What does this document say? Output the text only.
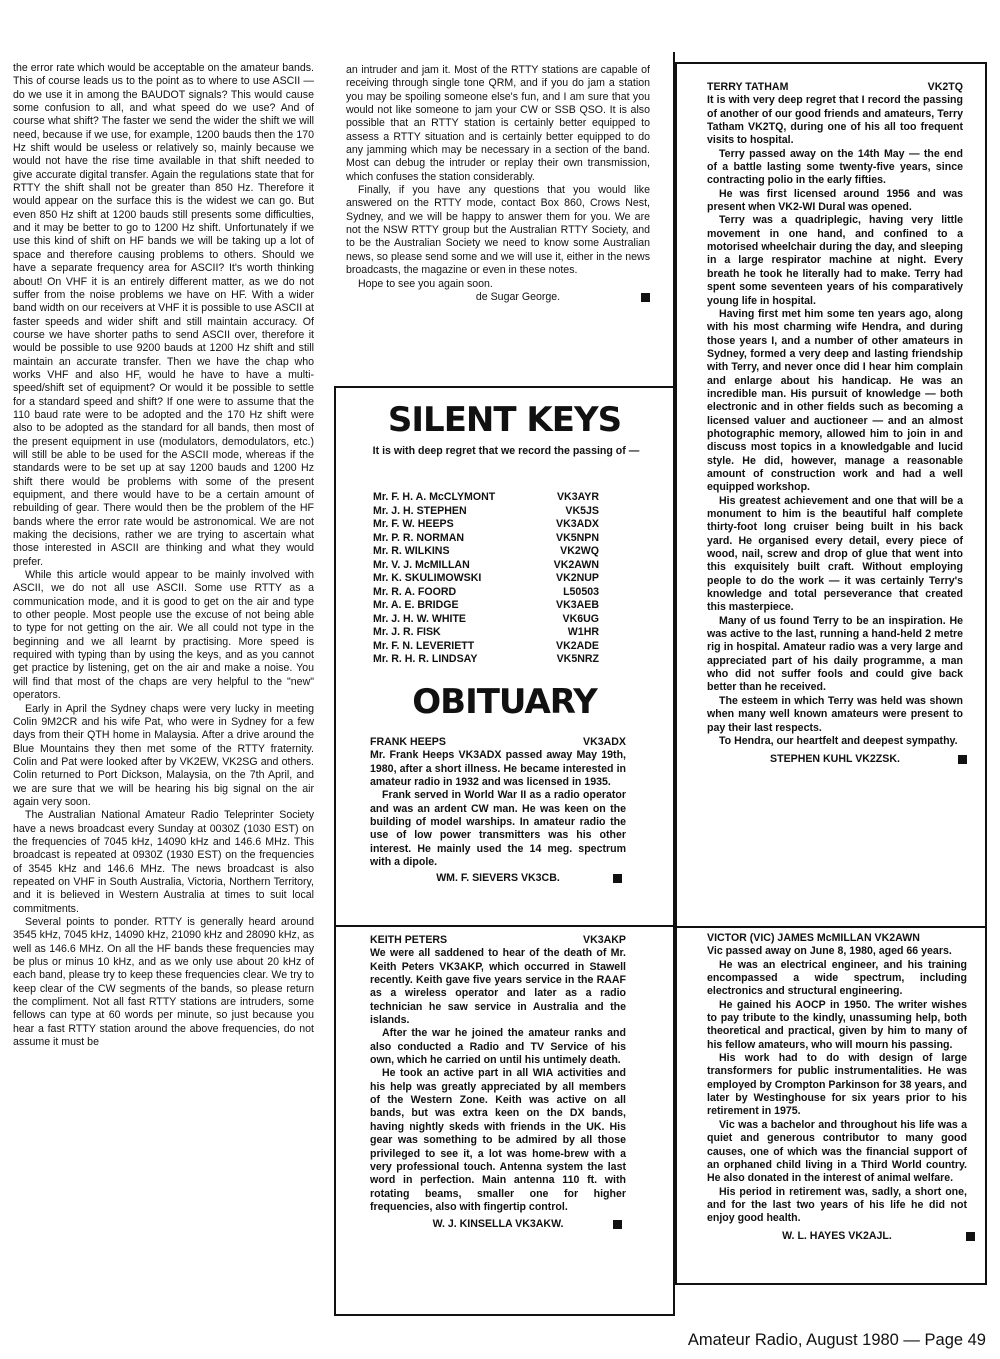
the error rate which would be acceptable on the amateur bands. This of course leads us to the point as to where to use ASCII — do we use it in among the BAUDOT signals? This would cause some confusion to all, and what speed do we use? And of course what shift? The faster we send the wider the shift we will need, because if we use, for example, 1200 bauds then the 170 Hz shift would be useless or relatively so, mainly because we would not have the rise time available in that shift needed to give accurate digital transfer. Again the regulations state that for RTTY the shift shall not be greater than 850 Hz. Therefore it would appear on the surface this is the widest we can go. But even 850 Hz shift at 1200 bauds still presents some difficulties, and it may be better to go to 1200 Hz shift. Unfortunately if we use this kind of shift on HF bands we will be taking up a lot of space and therefore causing problems to others. Should we have a separate frequency area for ASCII? It's worth thinking about! On VHF it is an entirely different matter, as we do not suffer from the noise problems we have on HF. With a wider band width on our receivers at VHF it is possible to use ASCII at faster speeds and wider shift and still maintain accuracy. Of course we have shorter paths to send ASCII over, therefore it would be possible to use 9200 bauds at 1200 Hz shift and still maintain an accurate transfer. Then we have the chap who works VHF and also HF, would he have to have a multi-speed/shift set of equipment? Or would it be possible to settle for a standard speed and shift? If one were to assume that the 110 baud rate were to be adopted and the 170 Hz shift were also to be adopted as the standard for all bands, then most of the present equipment in use (modulators, demodulators, etc.) will still be able to be used for the ASCII mode, whereas if the standards were to be set up at say 1200 bauds and 1200 Hz shift there would be problems with some of the present equipment, and there would have to be a certain amount of rebuilding of gear. There would then be the problem of the HF bands where the error rate would be astronomical. We are not making the decisions, rather we are trying to ascertain what those interested in ASCII are thinking and what they would prefer.

While this article would appear to be mainly involved with ASCII, we do not all use ASCII. Some use RTTY as a communication mode, and it is good to get on the air and type to other people. Most people use the excuse of not being able to type for not getting on the air. We all could not type in the beginning and we all learnt by practising. More speed is required with typing than by using the keys, and as you cannot get practice by listening, get on the air and make a noise. You will find that most of the chaps are very helpful to the "new" operators.

Early in April the Sydney chaps were very lucky in meeting Colin 9M2CR and his wife Pat, who were in Sydney for a few days from their QTH home in Malaysia. After a drive around the Blue Mountains they then met some of the RTTY fraternity. Colin and Pat were looked after by VK2EW, VK2SG and others. Colin returned to Port Dickson, Malaysia, on the 7th April, and we are sure that we will be hearing his big signal on the air again very soon.

The Australian National Amateur Radio Teleprinter Society have a news broadcast every Sunday at 0030Z (1030 EST) on the frequencies of 7045 kHz, 14090 kHz and 146.6 MHz. This broadcast is repeated at 0930Z (1930 EST) on the frequencies of 3545 kHz and 146.6 MHz. The news broadcast is also repeated on VHF in South Australia, Victoria, Northern Territory, and it is believed in Western Australia at times to suit local commitments.

Several points to ponder. RTTY is generally heard around 3545 kHz, 7045 kHz, 14090 kHz, 21090 kHz and 28090 kHz, as well as 146.6 MHz. On all the HF bands these frequencies may be plus or minus 10 kHz, and as we only use about 20 kHz of each band, please try to keep these frequencies clear. We try to keep clear of the CW segments of the bands, so please return the compliment. Not all fast RTTY stations are intruders, some fellows can type at 60 words per minute, so just because you hear a fast RTTY station around the above frequencies, do not assume it must be

an intruder and jam it. Most of the RTTY stations are capable of receiving through single tone QRM, and if you do jam a station you may be spoiling someone else's fun, and I am sure that you would not like someone to jam your CW or SSB QSO. It is also possible that an RTTY station is certainly better equipped to assess a RTTY situation and is certainly better equipped to do any jamming which may be necessary in a section of the band. Most can debug the intruder or replay their own transmission, which confuses the station considerably.

Finally, if you have any questions that you would like answered on the RTTY mode, contact Box 860, Crows Nest, Sydney, and we will be happy to answer them for you. We are not the NSW RTTY group but the Australian RTTY Society, and to be the Australian Society we need to know some Australian news, so please send some and we will use it, either in the news broadcasts, the magazine or even in these notes.

Hope to see you again soon.

de Sugar George.
SILENT KEYS
It is with deep regret that we record the passing of —
Mr. F. H. A. McCLYMONT	VK3AYR
Mr. J. H. STEPHEN	VK5JS
Mr. F. W. HEEPS	VK3ADX
Mr. P. R. NORMAN	VK5NPN
Mr. R. WILKINS	VK2WQ
Mr. V. J. McMILLAN	VK2AWN
Mr. K. SKULIMOWSKI	VK2NUP
Mr. R. A. FOORD	L50503
Mr. A. E. BRIDGE	VK3AEB
Mr. J. H. W. WHITE	VK6UG
Mr. J. R. FISK	W1HR
Mr. F. N. LEVERIETT	VK2ADE
Mr. R. H. R. LINDSAY	VK5NRZ
OBITUARY
FRANK HEEPS	VK3ADX

Mr. Frank Heeps VK3ADX passed away May 19th, 1980, after a short illness. He became interested in amateur radio in 1932 and was licensed in 1935.

Frank served in World War II as a radio operator and was an ardent CW man. He was keen on the building of model warships. In amateur radio the use of low power transmitters was his other interest. He mainly used the 14 meg. spectrum with a dipole.

WM. F. SIEVERS VK3CB.
KEITH PETERS	VK3AKP

We were all saddened to hear of the death of Mr. Keith Peters VK3AKP, which occurred in Stawell recently. Keith gave five years service in the RAAF as a wireless operator and later as a radio technician he saw service in Australia and the islands.

After the war he joined the amateur ranks and also conducted a Radio and TV Service of his own, which he carried on until his untimely death.

He took an active part in all WIA activities and his help was greatly appreciated by all members of the Western Zone. Keith was active on all bands, but was extra keen on the DX bands, having nightly skeds with friends in the UK. His gear was something to be admired by all those privileged to see it, a lot was home-brew with a very professional touch. Antenna system the last word in perfection. Main antenna 110 ft. with rotating beams, smaller one for higher frequencies, also with fingertip control.

W. J. KINSELLA VK3AKW.
TERRY TATHAM	VK2TQ

It is with very deep regret that I record the passing of another of our good friends and amateurs, Terry Tatham VK2TQ, during one of his all too frequent visits to hospital.

Terry passed away on the 14th May — the end of a battle lasting some twenty-five years, since contracting polio in the early fifties.

He was first licensed around 1956 and was present when VK2-WI Dural was opened.

Terry was a quadriplegic, having very little movement in one hand, and confined to a motorised wheelchair during the day, and sleeping in a large respirator machine at night. Every breath he took he literally had to make. Terry had spent some seventeen years of his comparatively young life in hospital.

Having first met him some ten years ago, along with his most charming wife Hendra, and during those years I, and a number of other amateurs in Sydney, formed a very deep and lasting friendship with Terry, and never once did I hear him complain and enlarge about his handicap. He was an incredible man. His pursuit of knowledge — both electronic and in other fields such as becoming a licensed valuer and auctioneer — and an almost photographic memory, allowed him to join in and discuss most topics in a knowledgable and lucid style. He did, however, manage a reasonable amount of construction work and had a well equipped workshop.

His greatest achievement and one that will be a monument to him is the beautiful half complete thirty-foot long cruiser being built in his back yard. He organised every detail, every piece of wood, nail, screw and drop of glue that went into this exquisitely built craft. Without employing people to do the work — it was certainly Terry's knowledge and total perseverance that created this masterpiece.

Many of us found Terry to be an inspiration. He was active to the last, running a hand-held 2 metre rig in hospital. Amateur radio was a very large and appreciated part of his daily programme, a man who did not suffer fools and could give back better than he received.

The esteem in which Terry was held was shown when many well known amateurs were present to pay their last respects.

To Hendra, our heartfelt and deepest sympathy.

STEPHEN KUHL VK2ZSK.

VICTOR (VIC) JAMES McMILLAN VK2AWN

Vic passed away on June 8, 1980, aged 66 years.

He was an electrical engineer, and his training encompassed a wide spectrum, including electronics and structural engineering.

He gained his AOCP in 1950. The writer wishes to pay tribute to the kindly, unassuming help, both theoretical and practical, given by him to many of his fellow amateurs, who will mourn his passing.

His work had to do with design of large transformers for public instrumentalities. He was employed by Crompton Parkinson for 38 years, and later by Westinghouse for six years prior to his retirement in 1975.

Vic was a bachelor and throughout his life was a quiet and generous contributor to many good causes, one of which was the financial support of an orphaned child living in a Third World country. He also donated in the interest of animal welfare.

His period in retirement was, sadly, a short one, and for the last two years of his life he did not enjoy good health.

W. L. HAYES VK2AJL.
Amateur Radio, August 1980 — Page 49
